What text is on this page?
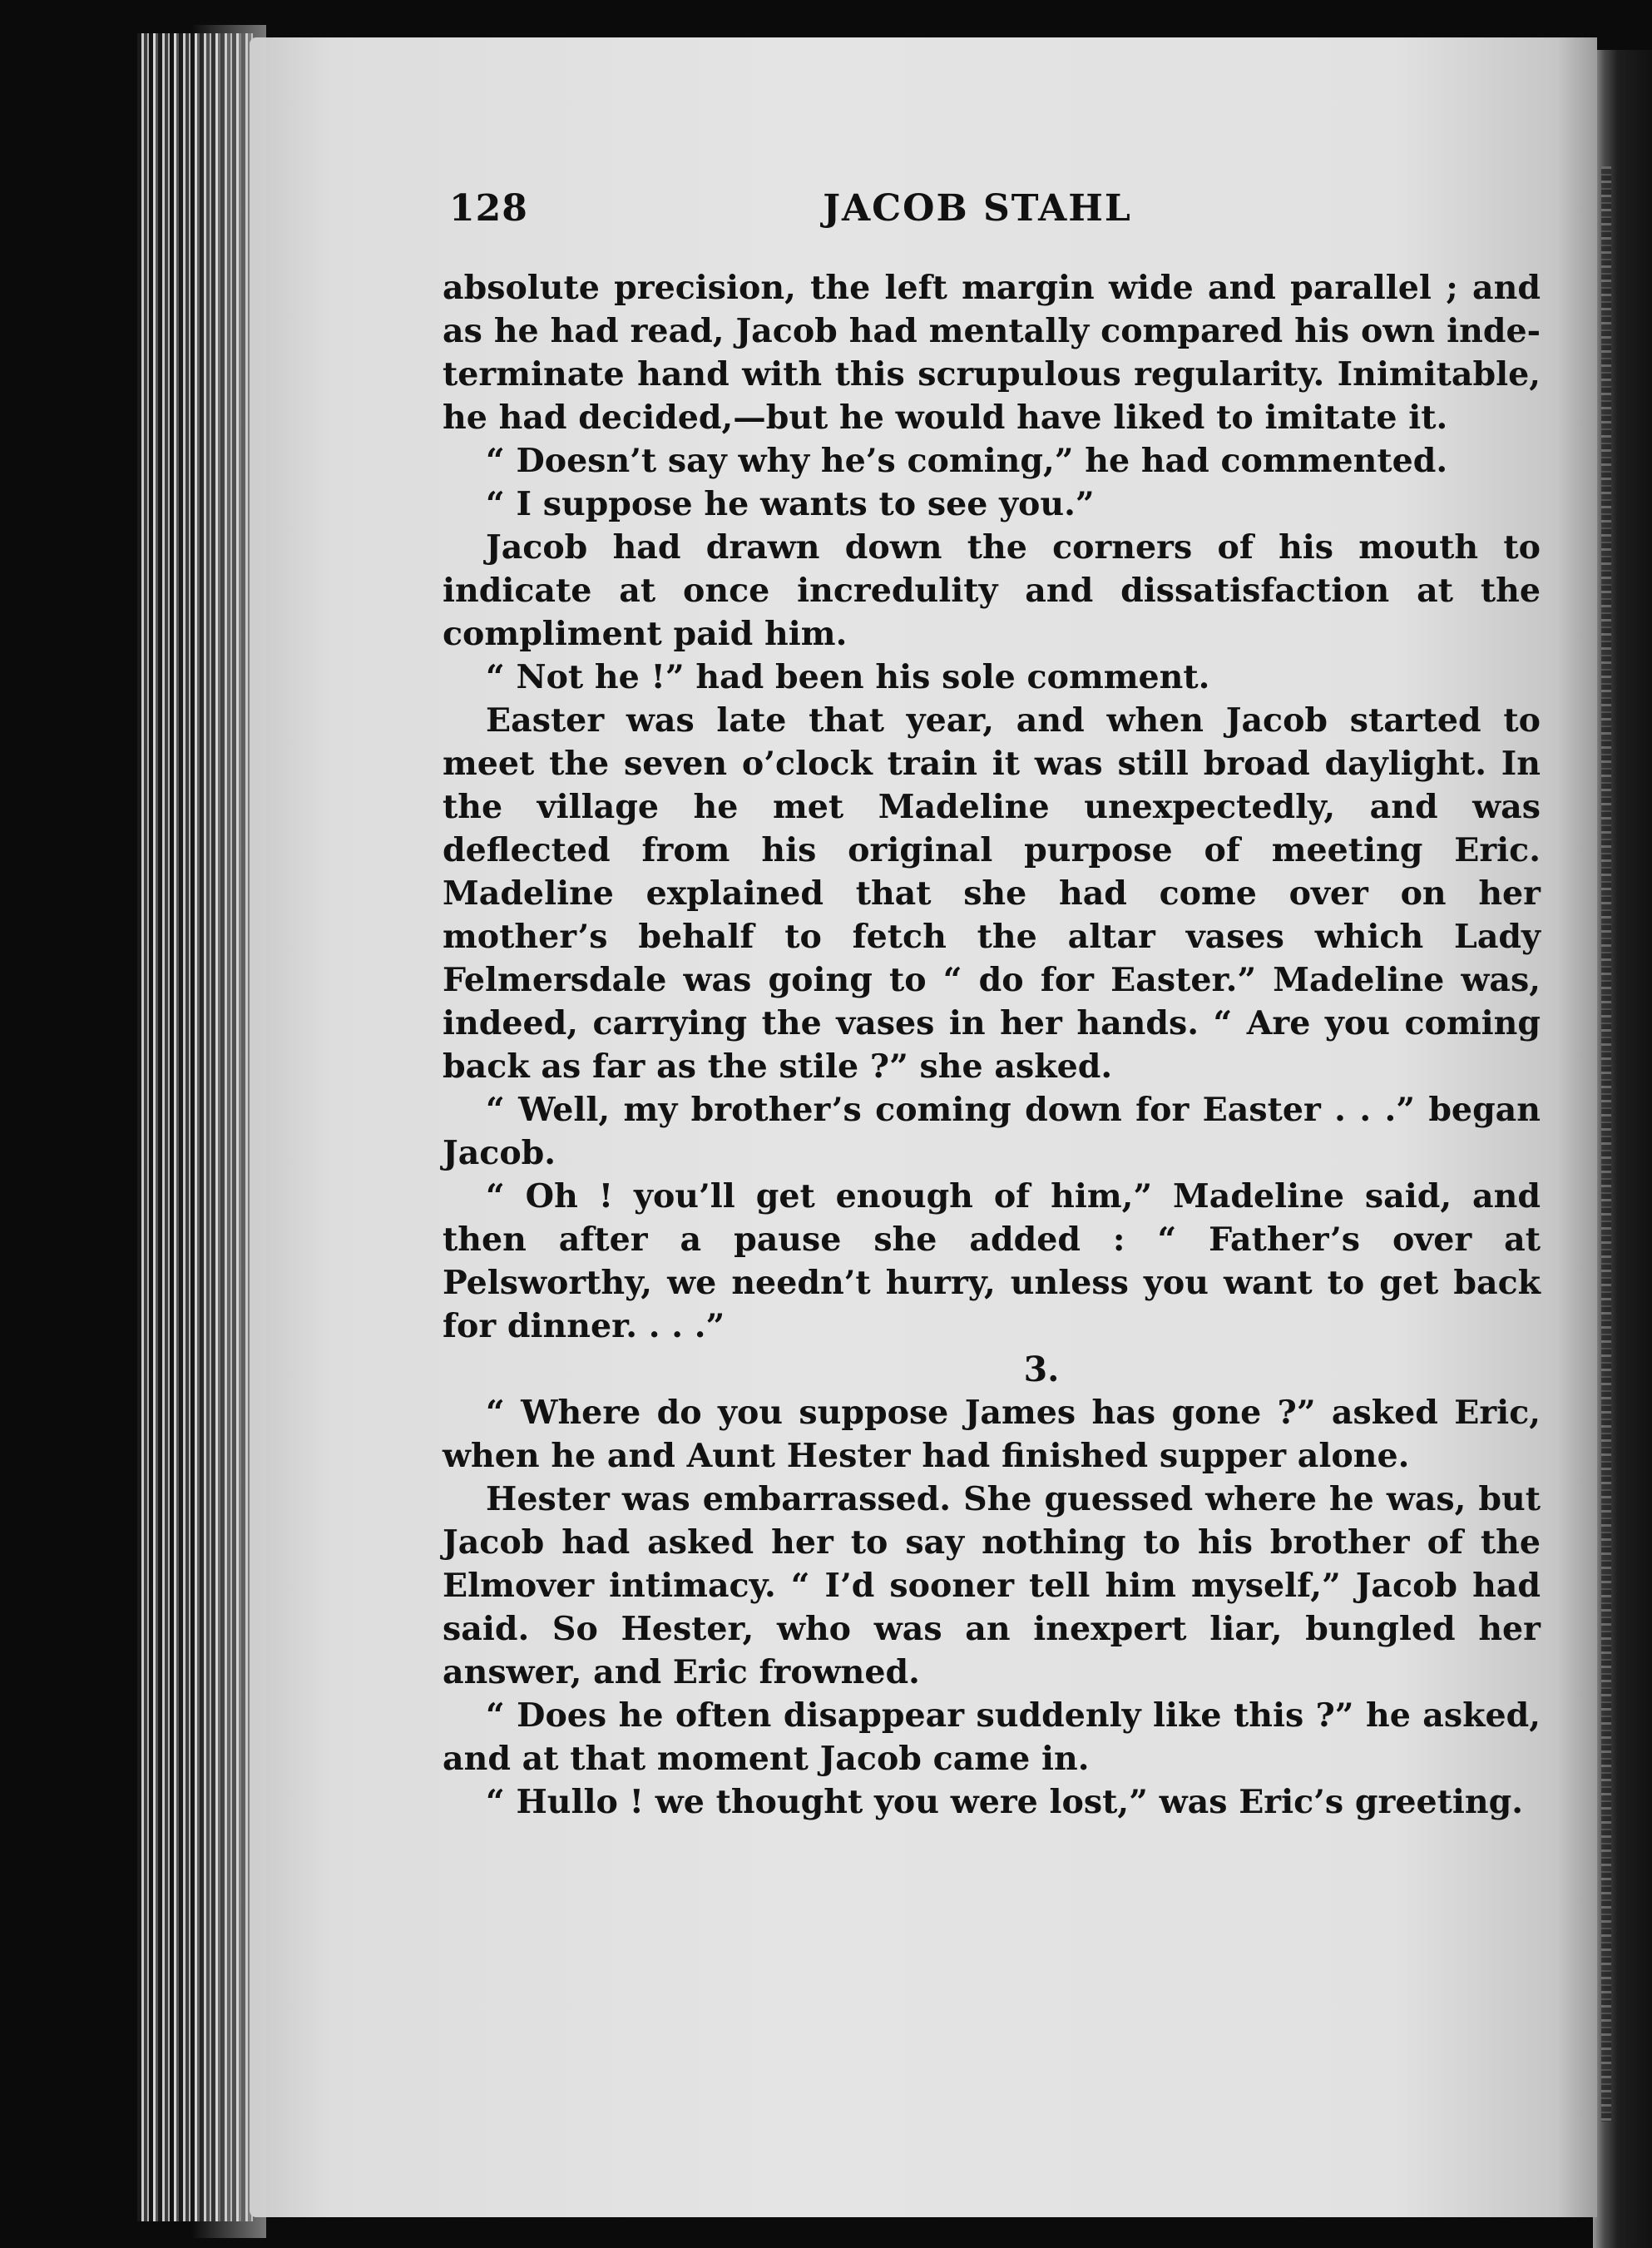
128	JACOB STAHL

absolute precision, the left margin wide and parallel ; and as he had read, Jacob had mentally compared his own indeterminate hand with this scrupulous regularity. Inimitable, he had decided,—but he would have liked to imitate it.

“ Doesn’t say why he’s coming,” he had commented.

“ I suppose he wants to see you.”

Jacob had drawn down the corners of his mouth to indicate at once incredulity and dissatisfaction at the compliment paid him.

“ Not he !” had been his sole comment.

Easter was late that year, and when Jacob started to meet the seven o’clock train it was still broad daylight. In the village he met Madeline unexpectedly, and was deflected from his original purpose of meeting Eric. Madeline explained that she had come over on her mother’s behalf to fetch the altar vases which Lady Felmersdale was going to “ do for Easter.” Madeline was, indeed, carrying the vases in her hands. “ Are you coming back as far as the stile ?” she asked.

“ Well, my brother’s coming down for Easter . . .” began Jacob.

“ Oh ! you’ll get enough of him,” Madeline said, and then after a pause she added : “ Father’s over at Pelsworthy, we needn’t hurry, unless you want to get back for dinner. . . .”

3.

“ Where do you suppose James has gone ?” asked Eric, when he and Aunt Hester had finished supper alone.

Hester was embarrassed. She guessed where he was, but Jacob had asked her to say nothing to his brother of the Elmover intimacy. “ I’d sooner tell him myself,” Jacob had said. So Hester, who was an inexpert liar, bungled her answer, and Eric frowned.

“ Does he often disappear suddenly like this ?” he asked, and at that moment Jacob came in.

“ Hullo ! we thought you were lost,” was Eric’s greeting.
